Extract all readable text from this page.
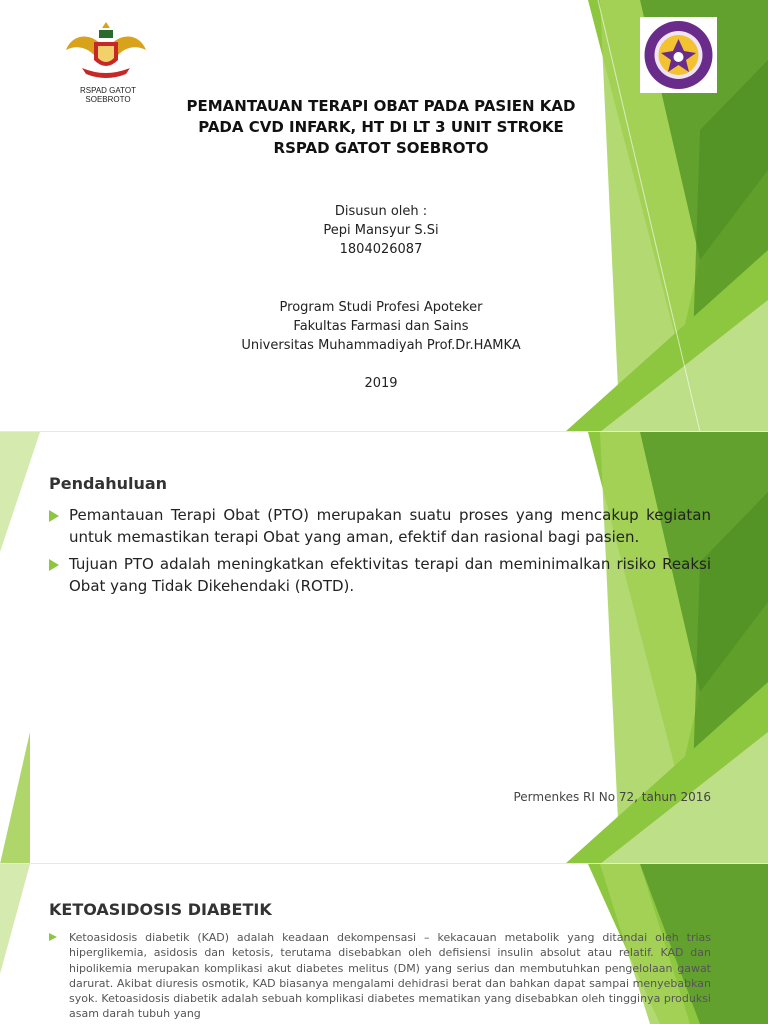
RSPAD GATOT SOEBROTO	PEMANTAUAN TERAPI OBAT PADA PASIEN KAD
PADA CVD INFARK, HT DI LT 3 UNIT STROKE
RSPAD GATOT SOEBROTO
Disusun oleh :
Pepi Mansyur S.Si
1804026087
Program Studi Profesi Apoteker
Fakultas Farmasi dan Sains
Universitas Muhammadiyah Prof.Dr.HAMKA
2019
Pendahuluan
Pemantauan Terapi Obat (PTO) merupakan suatu proses yang mencakup kegiatan untuk memastikan terapi Obat yang aman, efektif dan rasional bagi pasien.
Tujuan PTO adalah meningkatkan efektivitas terapi dan meminimalkan risiko Reaksi Obat yang Tidak Dikehendaki (ROTD).
Permenkes RI No 72, tahun 2016
KETOASIDOSIS DIABETIK
Ketoasidosis diabetik (KAD) adalah keadaan dekompensasi – kekacauan metabolik yang ditandai oleh trias hiperglikemia, asidosis dan ketosis, terutama disebabkan oleh defisiensi insulin absolut atau relatif. KAD dan hipolikemia merupakan komplikasi akut diabetes melitus (DM) yang serius dan membutuhkan pengelolaan gawat darurat. Akibat diuresis osmotik, KAD biasanya mengalami dehidrasi berat dan bahkan dapat sampai menyebabkan syok. Ketoasidosis diabetik adalah sebuah komplikasi diabetes mematikan yang disebabkan oleh tingginya produksi asam darah tubuh yang
